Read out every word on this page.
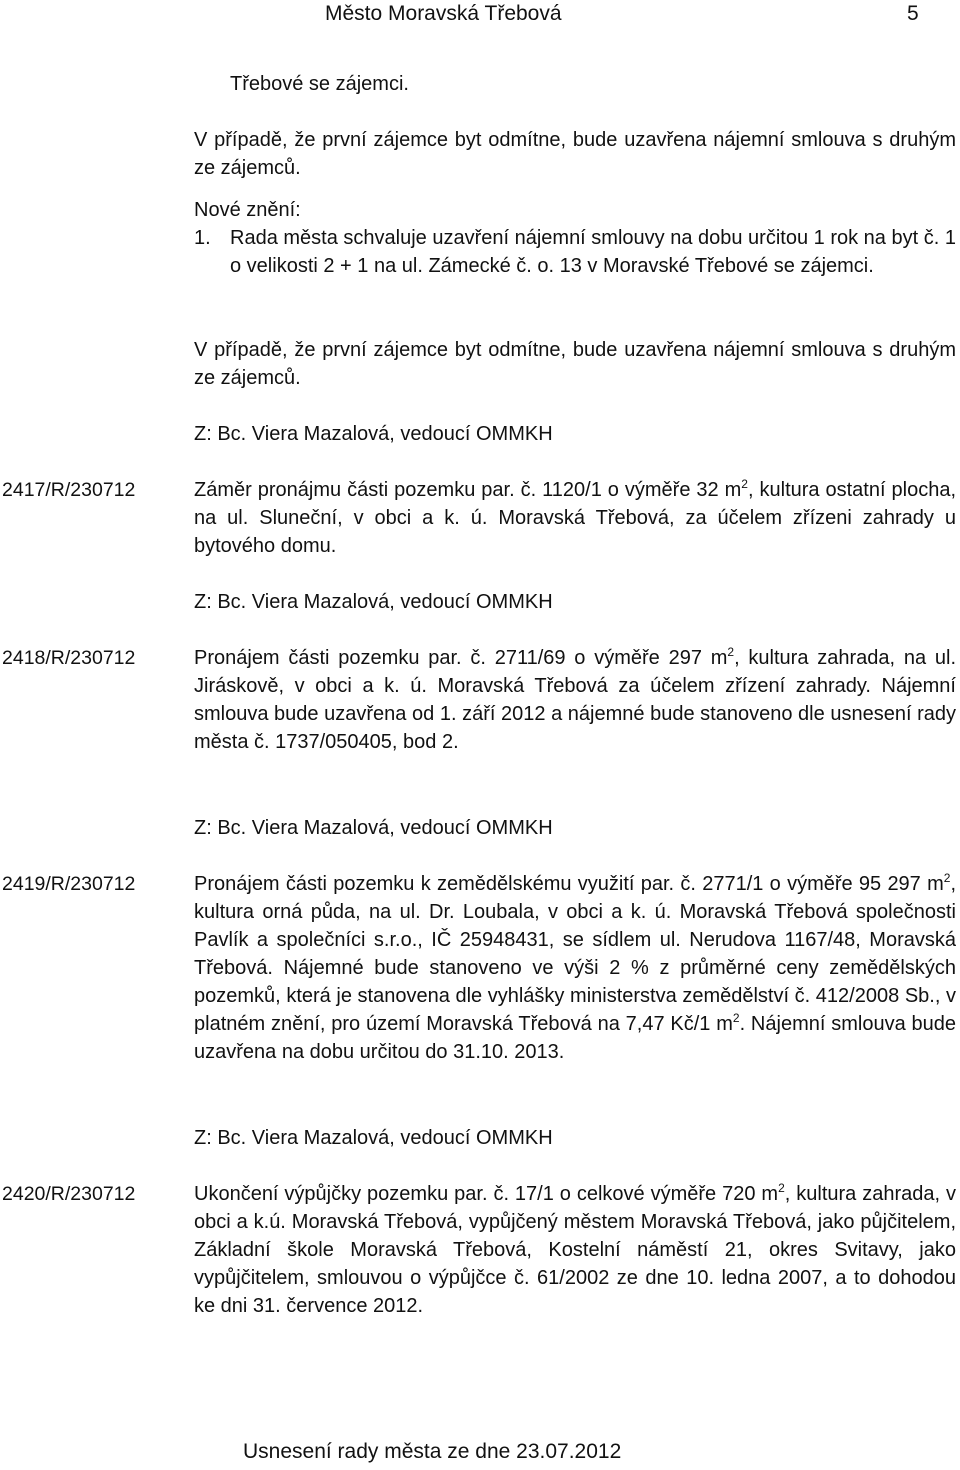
Město Moravská Třebová	5

Třebové se zájemci.

V případě, že první zájemce byt odmítne, bude uzavřena nájemní smlouva s druhým ze zájemců.

Nové znění:

1. Rada města schvaluje uzavření nájemní smlouvy na dobu určitou 1 rok na byt č. 1 o velikosti 2 + 1 na ul. Zámecké č. o. 13 v Moravské Třebové se zájemci.

V případě, že první zájemce byt odmítne, bude uzavřena nájemní smlouva s druhým ze zájemců.

Z: Bc. Viera Mazalová, vedoucí OMMKH

2417/R/230712	Záměr pronájmu části pozemku par. č. 1120/1 o výměře 32 $m^2$, kultura ostatní plocha, na ul. Sluneční, v obci a k. ú. Moravská Třebová, za účelem zřízeni zahrady u bytového domu.

Z: Bc. Viera Mazalová, vedoucí OMMKH

2418/R/230712	Pronájem části pozemku par. č. 2711/69 o výměře 297 $m^2$, kultura zahrada, na ul. Jiráskově, v obci a k. ú. Moravská Třebová za účelem zřízení zahrady. Nájemní smlouva bude uzavřena od 1. září 2012 a nájemné bude stanoveno dle usnesení rady města č. 1737/050405, bod 2.

Z: Bc. Viera Mazalová, vedoucí OMMKH

2419/R/230712	Pronájem části pozemku k zemědělskému využití par. č. 2771/1 o výměře 95 297 $m^2$, kultura orná půda, na ul. Dr. Loubala, v obci a k. ú. Moravská Třebová společnosti Pavlík a společníci s.r.o., IČ 25948431, se sídlem ul. Nerudova 1167/48, Moravská Třebová. Nájemné bude stanoveno ve výši 2 % z průměrné ceny zemědělských pozemků, která je stanovena dle vyhlášky ministerstva zemědělství č. 412/2008 Sb., v platném znění, pro území Moravská Třebová na 7,47 Kč/1 $m^2$. Nájemní smlouva bude uzavřena na dobu určitou do 31.10. 2013.

Z: Bc. Viera Mazalová, vedoucí OMMKH

2420/R/230712	Ukončení výpůjčky pozemku par. č. 17/1 o celkové výměře 720 $m^2$, kultura zahrada, v obci a k.ú. Moravská Třebová, vypůjčený městem Moravská Třebová, jako půjčitelem, Základní škole Moravská Třebová, Kostelní náměstí 21, okres Svitavy, jako vypůjčitelem, smlouvou o výpůjčce č. 61/2002 ze dne 10. ledna 2007, a to dohodou ke dni 31. července 2012.

Usnesení rady města ze dne 23.07.2012
